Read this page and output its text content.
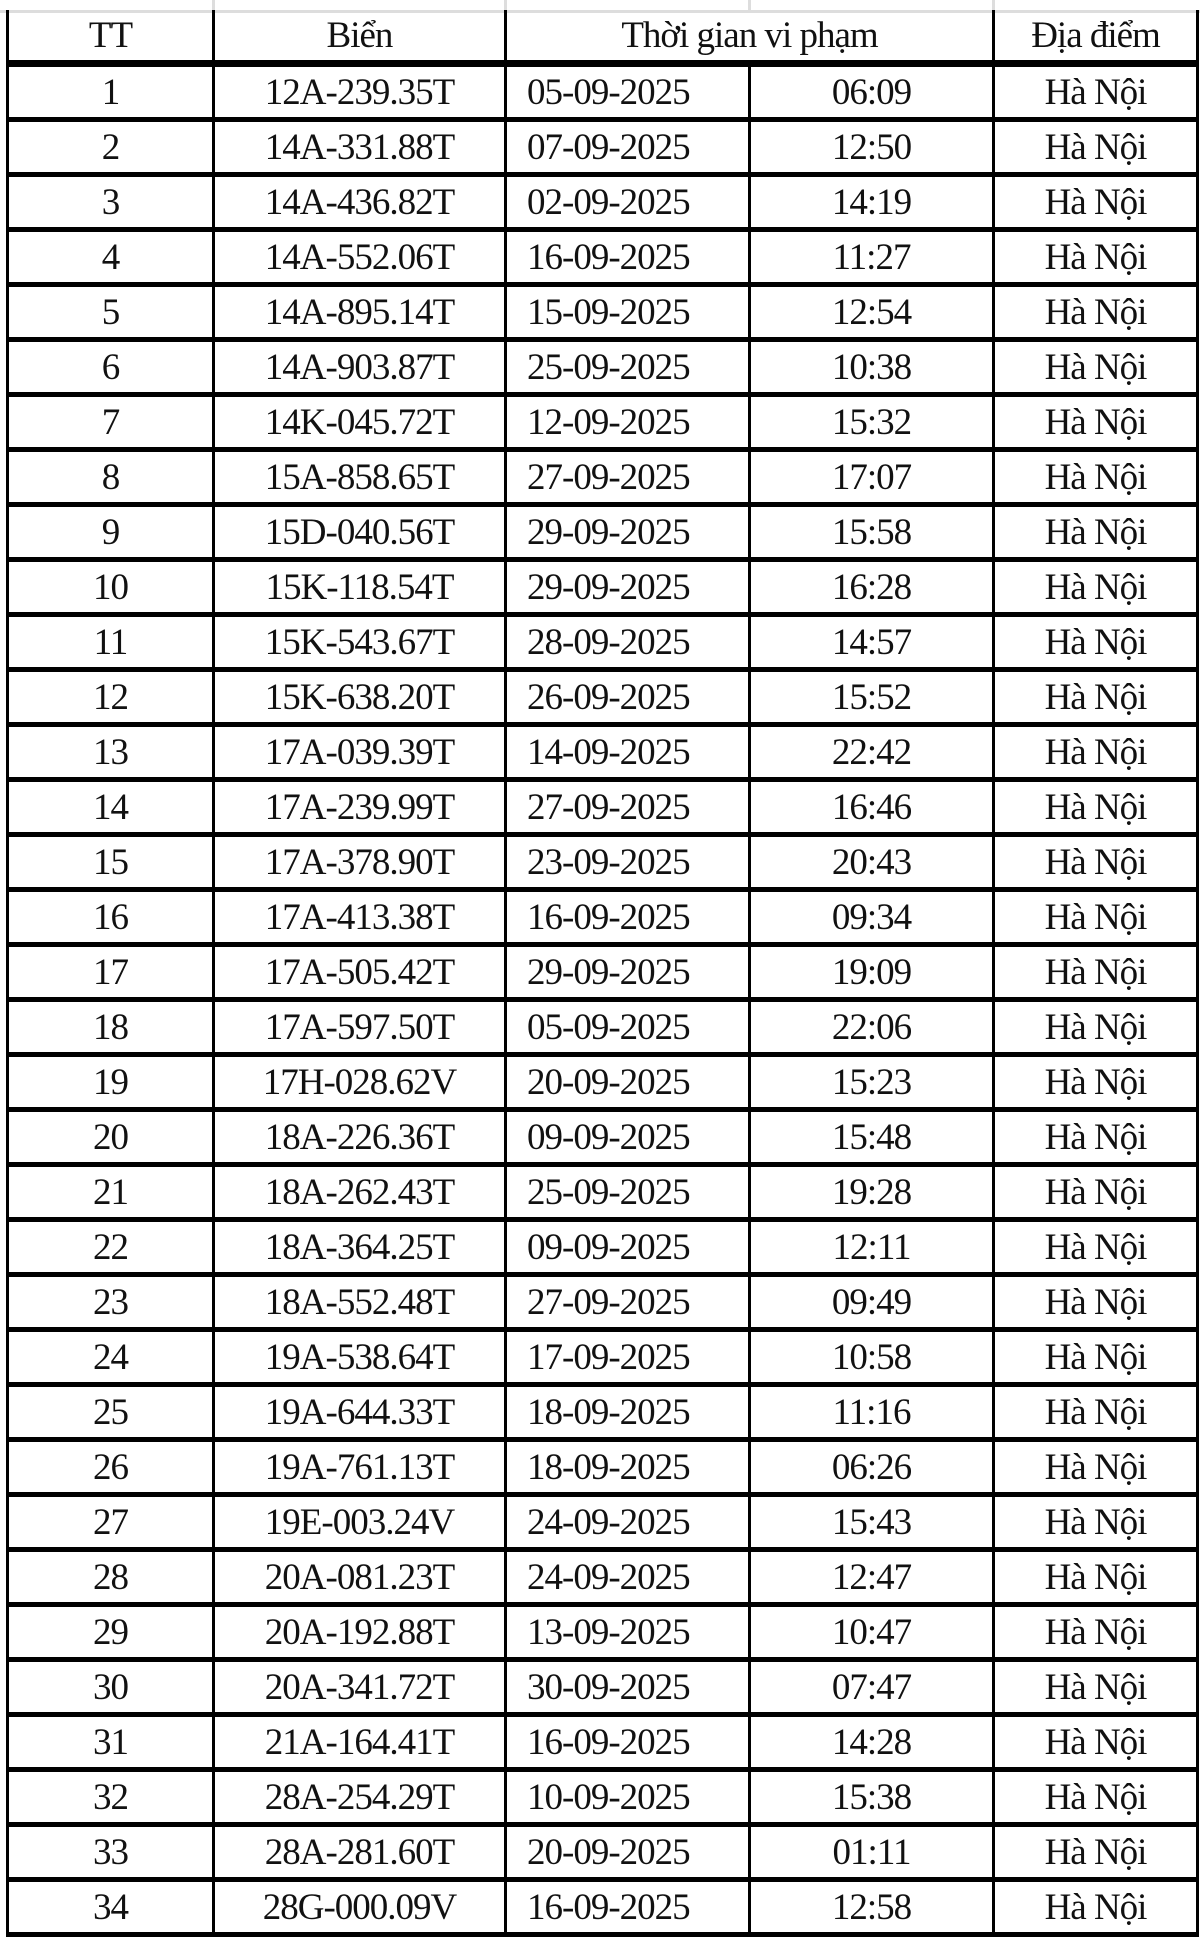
TT	Biển	Thời gian vi phạm		Địa điểm
1	12A-239.35T	05-09-2025	06:09	Hà Nội
2	14A-331.88T	07-09-2025	12:50	Hà Nội
3	14A-436.82T	02-09-2025	14:19	Hà Nội
4	14A-552.06T	16-09-2025	11:27	Hà Nội
5	14A-895.14T	15-09-2025	12:54	Hà Nội
6	14A-903.87T	25-09-2025	10:38	Hà Nội
7	14K-045.72T	12-09-2025	15:32	Hà Nội
8	15A-858.65T	27-09-2025	17:07	Hà Nội
9	15D-040.56T	29-09-2025	15:58	Hà Nội
10	15K-118.54T	29-09-2025	16:28	Hà Nội
11	15K-543.67T	28-09-2025	14:57	Hà Nội
12	15K-638.20T	26-09-2025	15:52	Hà Nội
13	17A-039.39T	14-09-2025	22:42	Hà Nội
14	17A-239.99T	27-09-2025	16:46	Hà Nội
15	17A-378.90T	23-09-2025	20:43	Hà Nội
16	17A-413.38T	16-09-2025	09:34	Hà Nội
17	17A-505.42T	29-09-2025	19:09	Hà Nội
18	17A-597.50T	05-09-2025	22:06	Hà Nội
19	17H-028.62V	20-09-2025	15:23	Hà Nội
20	18A-226.36T	09-09-2025	15:48	Hà Nội
21	18A-262.43T	25-09-2025	19:28	Hà Nội
22	18A-364.25T	09-09-2025	12:11	Hà Nội
23	18A-552.48T	27-09-2025	09:49	Hà Nội
24	19A-538.64T	17-09-2025	10:58	Hà Nội
25	19A-644.33T	18-09-2025	11:16	Hà Nội
26	19A-761.13T	18-09-2025	06:26	Hà Nội
27	19E-003.24V	24-09-2025	15:43	Hà Nội
28	20A-081.23T	24-09-2025	12:47	Hà Nội
29	20A-192.88T	13-09-2025	10:47	Hà Nội
30	20A-341.72T	30-09-2025	07:47	Hà Nội
31	21A-164.41T	16-09-2025	14:28	Hà Nội
32	28A-254.29T	10-09-2025	15:38	Hà Nội
33	28A-281.60T	20-09-2025	01:11	Hà Nội
34	28G-000.09V	16-09-2025	12:58	Hà Nội
